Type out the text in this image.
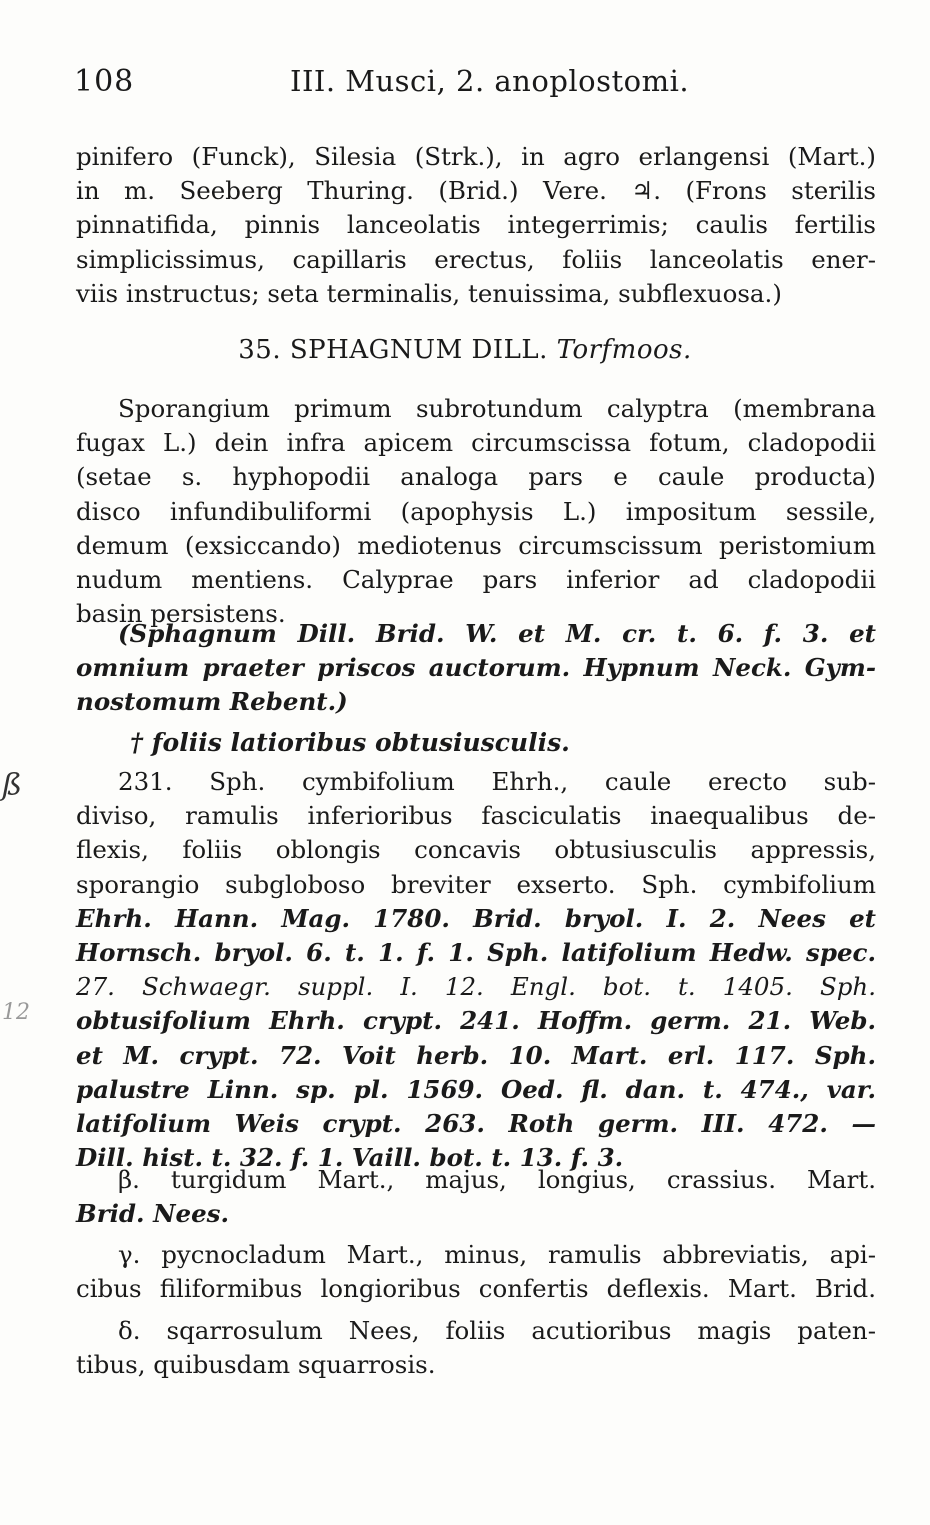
108	III. Musci, 2. anoplostomi.
pinifero (Funck), Silesia (Strk.), in agro erlangensi (Mart.)
in m. Seeberg Thuring. (Brid.) Vere. ♃. (Frons sterilis
pinnatifida, pinnis lanceolatis integerrimis; caulis fertilis
simplicissimus, capillaris erectus, foliis lanceolatis ener-
viis instructus; seta terminalis, tenuissima, subflexuosa.)
35. SPHAGNUM DILL. Torfmoos.
Sporangium primum subrotundum calyptra (membrana
fugax L.) dein infra apicem circumscissa fotum, cladopodii
(setae s. hyphopodii analoga pars e caule producta)
disco infundibuliformi (apophysis L.) impositum sessile,
demum (exsiccando) mediotenus circumscissum peristomium
nudum mentiens. Calyprae pars inferior ad cladopodii
basin persistens.
(Sphagnum Dill. Brid. W. et M. cr. t. 6. f. 3. et
omnium praeter priscos auctorum. Hypnum Neck. Gym-
nostomum Rebent.)
† foliis latioribus obtusiusculis.
ß
12
231. Sph. cymbifolium Ehrh., caule erecto sub-
diviso, ramulis inferioribus fasciculatis inaequalibus de-
flexis, foliis oblongis concavis obtusiusculis appressis,
sporangio subgloboso breviter exserto. Sph. cymbifolium
Ehrh. Hann. Mag. 1780. Brid. bryol. I. 2. Nees et
Hornsch. bryol. 6. t. 1. f. 1. Sph. latifolium Hedw. spec.
27. Schwaegr. suppl. I. 12. Engl. bot. t. 1405. Sph.
obtusifolium Ehrh. crypt. 241. Hoffm. germ. 21. Web.
et M. crypt. 72. Voit herb. 10. Mart. erl. 117. Sph.
palustre Linn. sp. pl. 1569. Oed. fl. dan. t. 474., var.
latifolium Weis crypt. 263. Roth germ. III. 472. —
Dill. hist. t. 32. f. 1. Vaill. bot. t. 13. f. 3.
β. turgidum Mart., majus, longius, crassius. Mart.
Brid. Nees.
γ. pycnocladum Mart., minus, ramulis abbreviatis, api-
cibus filiformibus longioribus confertis deflexis. Mart. Brid.
δ. sqarrosulum Nees, foliis acutioribus magis paten-
tibus, quibusdam squarrosis.
